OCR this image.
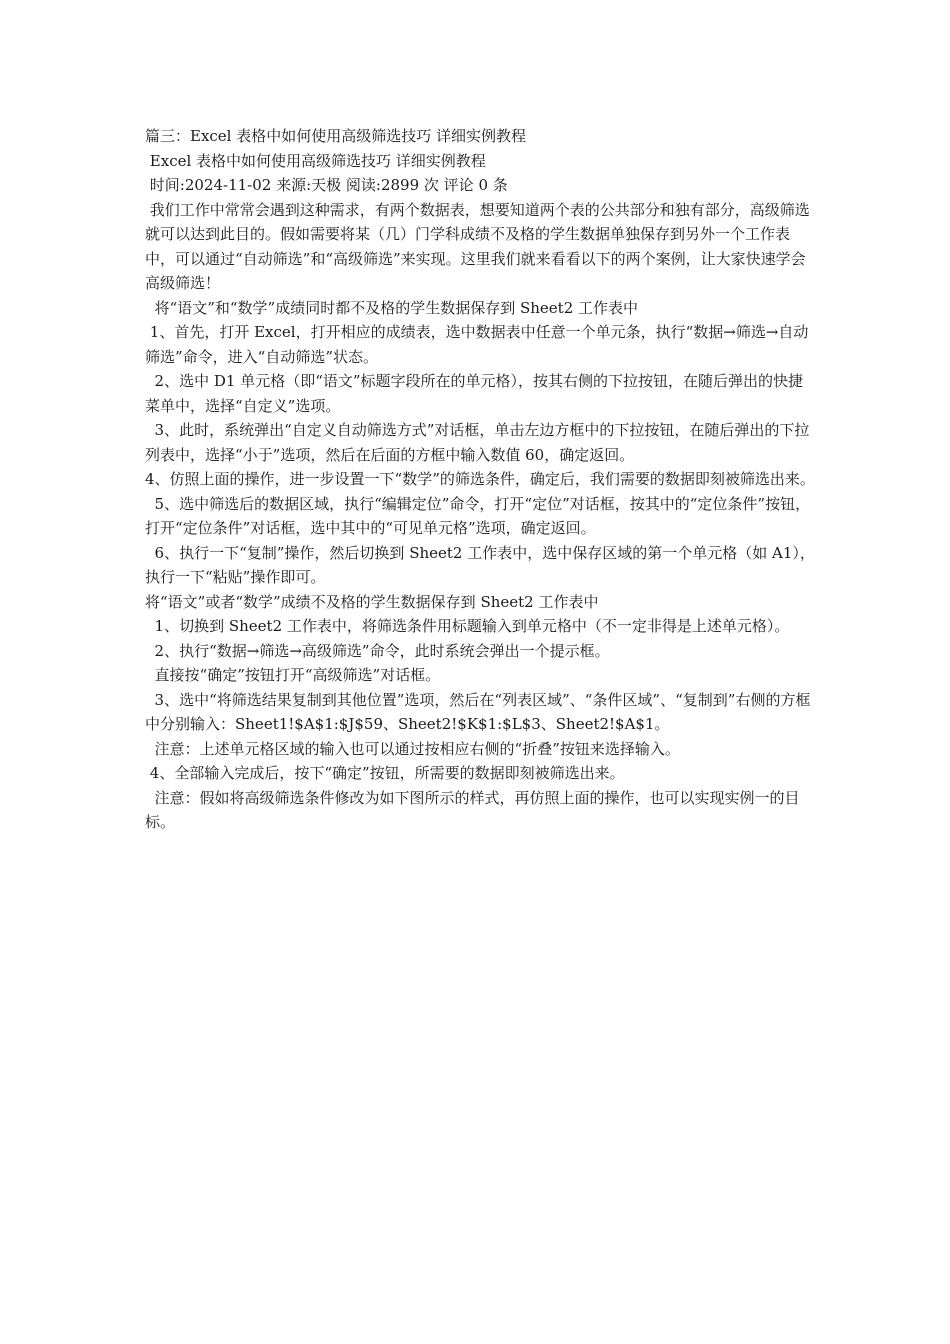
篇三：Excel 表格中如何使用高级筛选技巧 详细实例教程

Excel 表格中如何使用高级筛选技巧 详细实例教程

时间:2024-11-02 来源:天极 阅读:2899 次 评论 0 条

我们工作中常常会遇到这种需求，有两个数据表，想要知道两个表的公共部分和独有部分，高级筛选就可以达到此目的。假如需要将某（几）门学科成绩不及格的学生数据单独保存到另外一个工作表中，可以通过“自动筛选”和“高级筛选”来实现。这里我们就来看看以下的两个案例，让大家快速学会高级筛选！

将“语文”和“数学”成绩同时都不及格的学生数据保存到 Sheet2 工作表中

1、首先，打开 Excel，打开相应的成绩表，选中数据表中任意一个单元条，执行“数据→筛选→自动筛选”命令，进入“自动筛选”状态。

2、选中 D1 单元格（即“语文”标题字段所在的单元格），按其右侧的下拉按钮，在随后弹出的快捷菜单中，选择“自定义”选项。

3、此时，系统弹出“自定义自动筛选方式”对话框，单击左边方框中的下拉按钮，在随后弹出的下拉列表中，选择“小于”选项，然后在后面的方框中输入数值 60，确定返回。

4、仿照上面的操作，进一步设置一下“数学”的筛选条件，确定后，我们需要的数据即刻被筛选出来。

5、选中筛选后的数据区域，执行“编辑定位”命令，打开“定位”对话框，按其中的“定位条件”按钮，打开“定位条件”对话框，选中其中的“可见单元格”选项，确定返回。

6、执行一下“复制”操作，然后切换到 Sheet2 工作表中，选中保存区域的第一个单元格（如 A1），执行一下“粘贴”操作即可。

将“语文”或者“数学”成绩不及格的学生数据保存到 Sheet2 工作表中

1、切换到 Sheet2 工作表中，将筛选条件用标题输入到单元格中（不一定非得是上述单元格）。

2、执行“数据→筛选→高级筛选”命令，此时系统会弹出一个提示框。

直接按“确定”按钮打开“高级筛选”对话框。

3、选中“将筛选结果复制到其他位置”选项，然后在“列表区域”、“条件区域”、“复制到”右侧的方框中分别输入：Sheet1!$A$1:$J$59、Sheet2!$K$1:$L$3、Sheet2!$A$1。

注意：上述单元格区域的输入也可以通过按相应右侧的“折叠”按钮来选择输入。

4、全部输入完成后，按下“确定”按钮，所需要的数据即刻被筛选出来。

注意：假如将高级筛选条件修改为如下图所示的样式，再仿照上面的操作，也可以实现实例一的目标。
